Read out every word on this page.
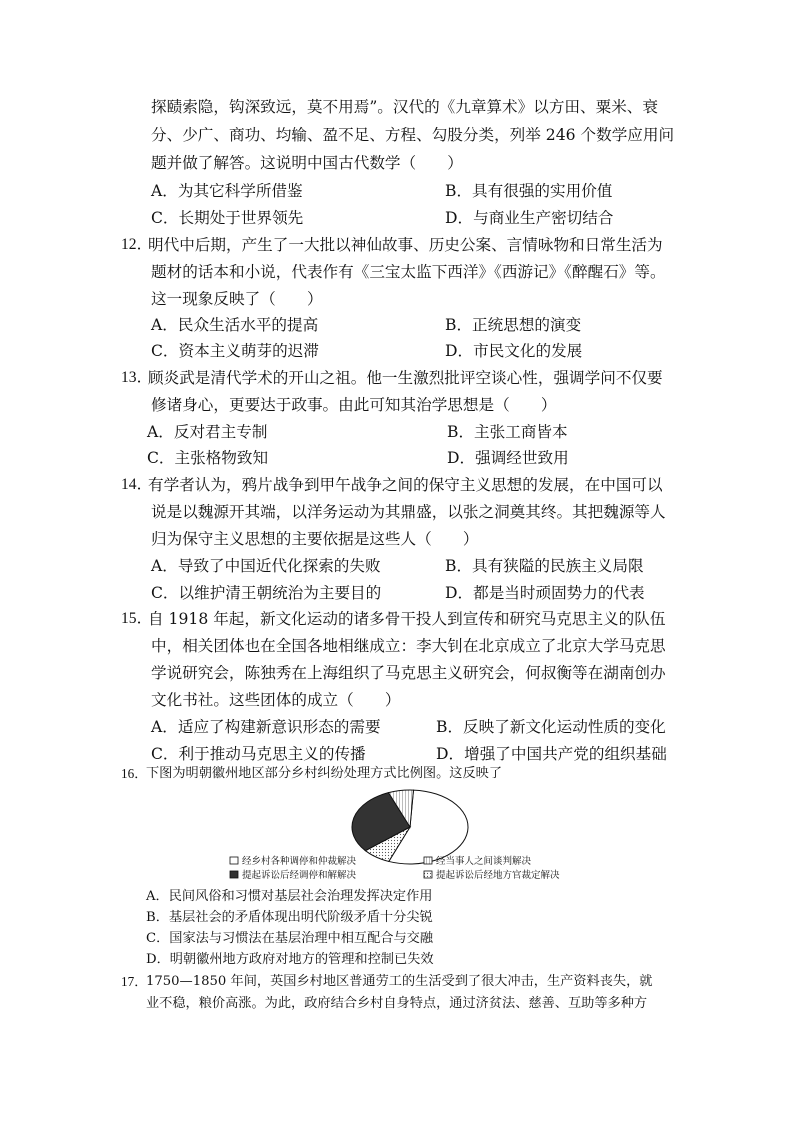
探赜索隐，钩深致远，莫不用焉”。汉代的《九章算术》以方田、粟米、衰
分、少广、商功、均输、盈不足、方程、勾股分类，列举 246 个数学应用问
题并做了解答。这说明中国古代数学（　　）
A．为其它科学所借鉴	B．具有很强的实用价值
C．长期处于世界领先	D．与商业生产密切结合
12．
明代中后期，产生了一大批以神仙故事、历史公案、言情咏物和日常生活为
题材的话本和小说，代表作有《三宝太监下西洋》《西游记》《醉醒石》等。
这一现象反映了（　　）
A．民众生活水平的提高	B．正统思想的演变
C．资本主义萌芽的迟滞	D．市民文化的发展
13．
顾炎武是清代学术的开山之祖。他一生激烈批评空谈心性，强调学问不仅要
修诸身心，更要达于政事。由此可知其治学思想是（　　）
A．反对君主专制	B．主张工商皆本
C．主张格物致知	D．强调经世致用
14．
有学者认为，鸦片战争到甲午战争之间的保守主义思想的发展，在中国可以
说是以魏源开其端，以洋务运动为其鼎盛，以张之洞奠其终。其把魏源等人
归为保守主义思想的主要依据是这些人（　　）
A．导致了中国近代化探索的失败	B．具有狭隘的民族主义局限
C．以维护清王朝统治为主要目的	D．都是当时顽固势力的代表
15．
自 1918 年起，新文化运动的诸多骨干投人到宣传和研究马克思主义的队伍
中，相关团体也在全国各地相继成立：李大钊在北京成立了北京大学马克思
学说研究会，陈独秀在上海组织了马克思主义研究会，何叔衡等在湖南创办
文化书社。这些团体的成立（　　）
A．适应了构建新意识形态的需要	B．反映了新文化运动性质的变化
C．利于推动马克思主义的传播	D．增强了中国共产党的组织基础
16．
下图为明朝徽州地区部分乡村纠纷处理方式比例图。这反映了
经乡村各种调停和仲裁解决	经当事人之间谈判解决
提起诉讼后经调停和解解决	提起诉讼后经地方官裁定解决
A．民间风俗和习惯对基层社会治理发挥决定作用
B．基层社会的矛盾体现出明代阶级矛盾十分尖锐
C．国家法与习惯法在基层治理中相互配合与交融
D．明朝徽州地方政府对地方的管理和控制已失效
17．
1750—1850 年间，英国乡村地区普通劳工的生活受到了很大冲击，生产资料丧失，就
业不稳，粮价高涨。为此，政府结合乡村自身特点，通过济贫法、慈善、互助等多种方
